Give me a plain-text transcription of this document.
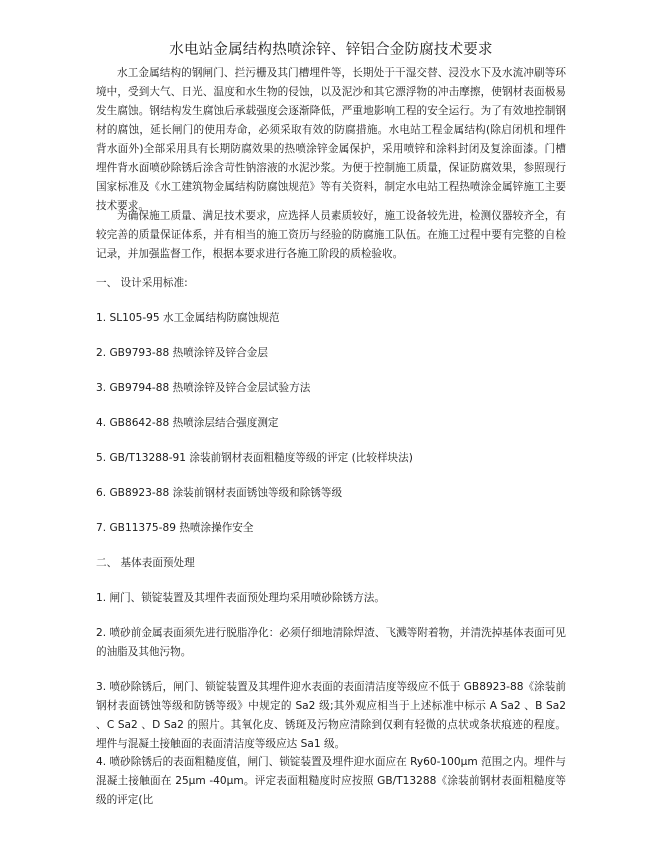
水电站金属结构热喷涂锌、锌铝合金防腐技术要求
水工金属结构的钢闸门、拦污栅及其门槽埋件等，长期处于干湿交替、浸没水下及水流冲刷等环境中，受到大气、日光、温度和水生物的侵蚀，以及泥沙和其它漂浮物的冲击摩擦，使钢材表面极易发生腐蚀。钢结构发生腐蚀后承载强度会逐渐降低，严重地影响工程的安全运行。为了有效地控制钢材的腐蚀，延长闸门的使用寿命，必须采取有效的防腐措施。水电站工程金属结构(除启闭机和埋件背水面外)全部采用具有长期防腐效果的热喷涂锌金属保护，采用喷锌和涂料封闭及复涂面漆。门槽埋件背水面喷砂除锈后涂含苛性钠溶液的水泥沙浆。为便于控制施工质量，保证防腐效果，参照现行国家标准及《水工建筑物金属结构防腐蚀规范》等有关资料，制定水电站工程热喷涂金属锌施工主要技术要求。
为确保施工质量、满足技术要求，应选择人员素质较好，施工设备较先进，检测仪器较齐全，有较完善的质量保证体系，并有相当的施工资历与经验的防腐施工队伍。在施工过程中要有完整的自检记录，并加强监督工作，根据本要求进行各施工阶段的质检验收。
一、 设计采用标准:
1. SL105-95 水工金属结构防腐蚀规范
2. GB9793-88 热喷涂锌及锌合金层
3. GB9794-88 热喷涂锌及锌合金层试验方法
4. GB8642-88 热喷涂层结合强度测定
5. GB/T13288-91 涂装前钢材表面粗糙度等级的评定 (比较样块法)
6. GB8923-88 涂装前钢材表面锈蚀等级和除锈等级
7. GB11375-89 热喷涂操作安全
二、 基体表面预处理
1. 闸门、锁锭装置及其埋件表面预处理均采用喷砂除锈方法。
2. 喷砂前金属表面须先进行脱脂净化：必须仔细地清除焊渣、飞溅等附着物，并清洗掉基体表面可见的油脂及其他污物。
3. 喷砂除锈后，闸门、锁锭装置及其埋件迎水表面的表面清洁度等级应不低于 GB8923-88《涂装前钢材表面锈蚀等级和防锈等级》中规定的 Sa2 级;其外观应相当于上述标准中标示 A Sa2 、B Sa2 、C Sa2 、D Sa2 的照片。其氧化皮、锈斑及污物应清除到仅剩有轻微的点状或条状痕迹的程度。埋件与混凝土接触面的表面清洁度等级应达 Sa1 级。
4. 喷砂除锈后的表面粗糙度值，闸门、锁锭装置及埋件迎水面应在 Ry60-100μm 范围之内。埋件与混凝土接触面在 25μm -40μm。评定表面粗糙度时应按照 GB/T13288《涂装前钢材表面粗糙度等级的评定(比
